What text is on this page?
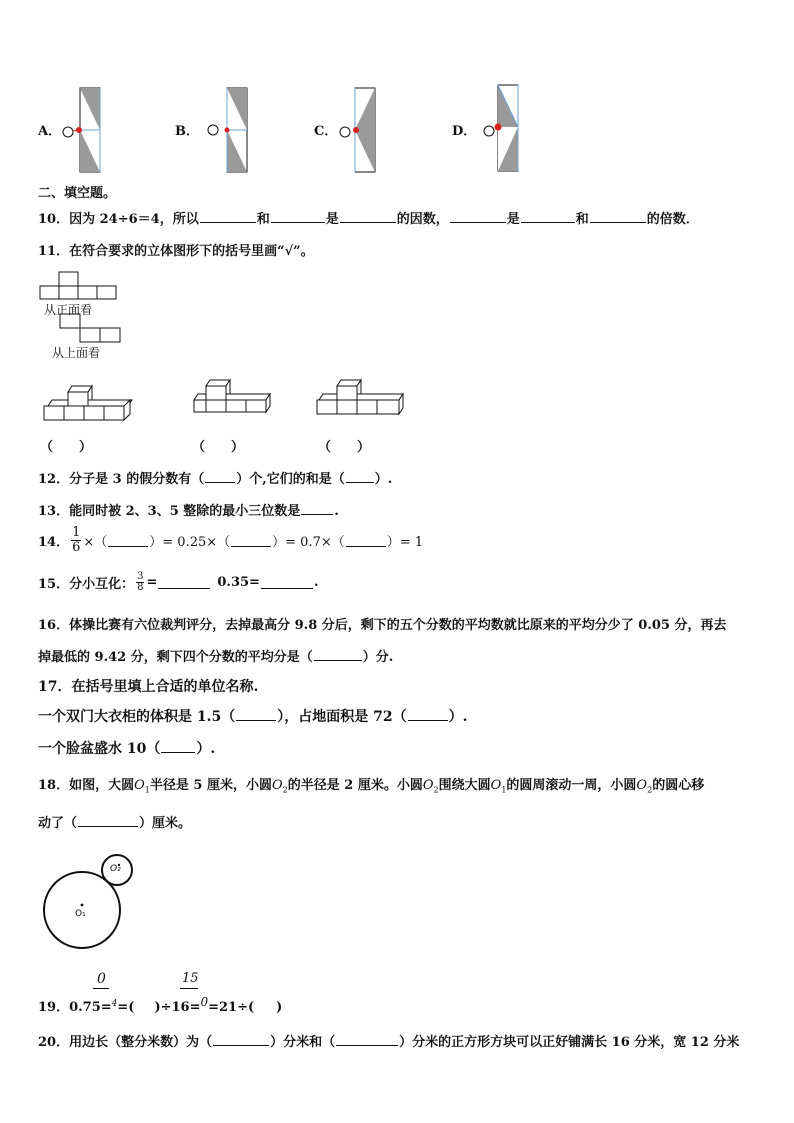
A．	B．	C．	D．
二、填空题。
10．因为 24÷6＝4，所以	和	是	的因数，	是	和	的倍数．
11．在符合要求的立体图形下的括号里画“√”。
从正面看
从上面看
（　　）	（　　）	（　　）
12．分子是 3 的假分数有（ ）个,它们的和是（ ）.
13．能同时被 2、3、5 整除的最小三位数是	.
14． $\frac{1}{6}$ ×（	）= 0.25×（	）= 0.7×（	）= 1
15．分小互化： $\frac{3}{8}$ =	0.35=	.
16．体操比赛有六位裁判评分，去掉最高分 9.8 分后，剩下的五个分数的平均数就比原来的平均分少了 0.05 分，再去
掉最低的 9.42 分，剩下四个分数的平均分是（	）分.
17．在括号里填上合适的单位名称.
一个双门大衣柜的体积是 1.5（	），占地面积是 72（	）.
一个脸盆盛水 10（	）.
18．如图，大圆$O_1$半径是 5 厘米，小圆$O_2$的半径是 2 厘米。小圆$O_2$围绕大圆$O_1$的圆周滚动一周，小圆$O_2$的圆心移
动了（	）厘米。
O₁
O₂
0	15
19．0.75=$^4$=( )÷16=0=21÷( )
20．用边长（整分米数）为（	）分米和（	）分米的正方形方块可以正好铺满长 16 分米，宽 12 分米
